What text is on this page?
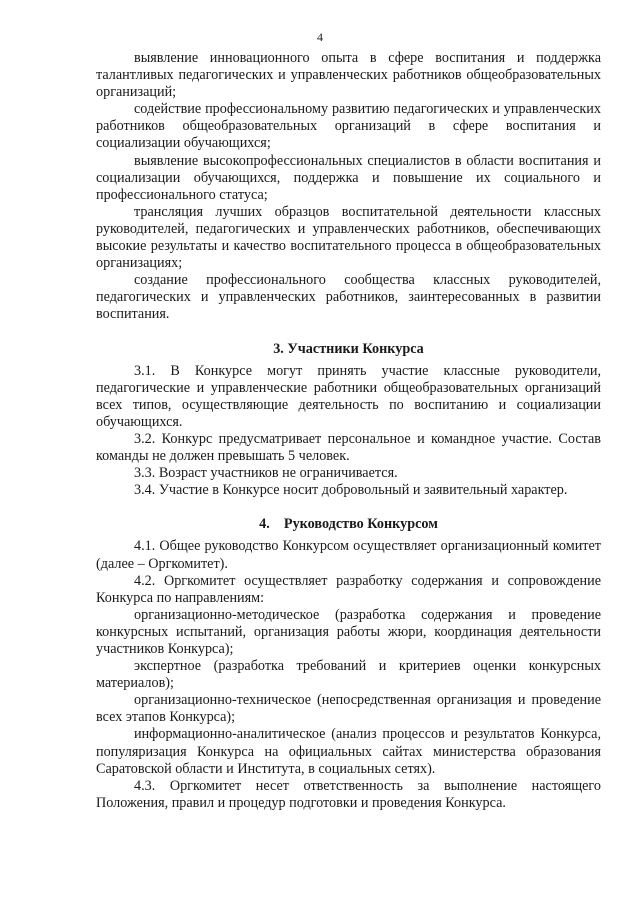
4

выявление инновационного опыта в сфере воспитания и поддержка талантливых педагогических и управленческих работников общеобразовательных организаций;

содействие профессиональному развитию педагогических и управленческих работников общеобразовательных организаций в сфере воспитания и социализации обучающихся;

выявление высокопрофессиональных специалистов в области воспитания и социализации обучающихся, поддержка и повышение их социального и профессионального статуса;

трансляция лучших образцов воспитательной деятельности классных руководителей, педагогических и управленческих работников, обеспечивающих высокие результаты и качество воспитательного процесса в общеобразовательных организациях;

создание профессионального сообщества классных руководителей, педагогических и управленческих работников, заинтересованных в развитии воспитания.

3. Участники Конкурса

3.1. В Конкурсе могут принять участие классные руководители, педагогические и управленческие работники общеобразовательных организаций всех типов, осуществляющие деятельность по воспитанию и социализации обучающихся.

3.2. Конкурс предусматривает персональное и командное участие. Состав команды не должен превышать 5 человек.

3.3. Возраст участников не ограничивается.

3.4. Участие в Конкурсе носит добровольный и заявительный характер.

4.    Руководство Конкурсом

4.1. Общее руководство Конкурсом осуществляет организационный комитет (далее – Оргкомитет).

4.2. Оргкомитет осуществляет разработку содержания и сопровождение Конкурса по направлениям:

организационно-методическое (разработка содержания и проведение конкурсных испытаний, организация работы жюри, координация деятельности участников Конкурса);

экспертное (разработка требований и критериев оценки конкурсных материалов);

организационно-техническое (непосредственная организация и проведение всех этапов Конкурса);

информационно-аналитическое (анализ процессов и результатов Конкурса, популяризация Конкурса на официальных сайтах министерства образования Саратовской области и Института, в социальных сетях).

4.3. Оргкомитет несет ответственность за выполнение настоящего Положения, правил и процедур подготовки и проведения Конкурса.
